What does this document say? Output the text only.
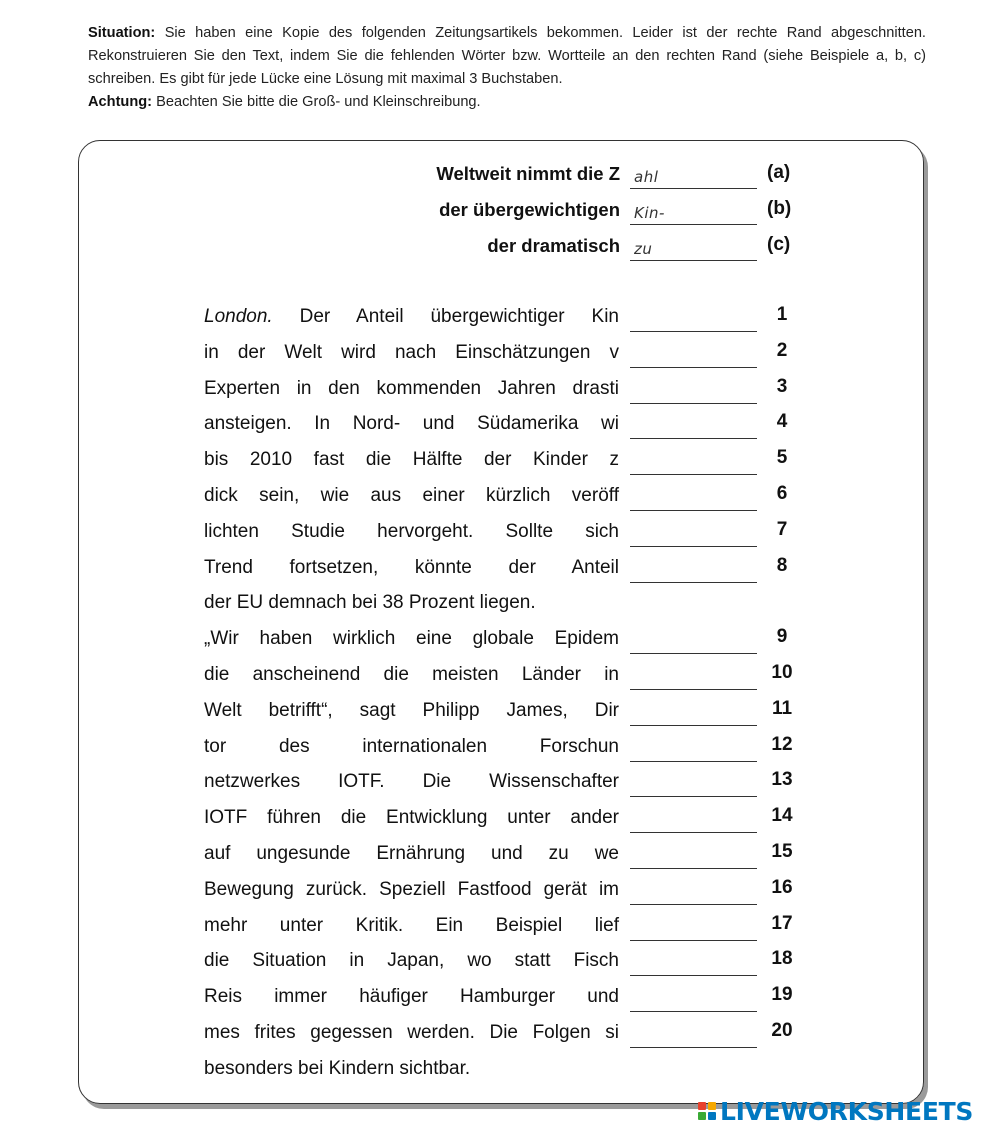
Situation: Sie haben eine Kopie des folgenden Zeitungsartikels bekommen. Leider ist der rechte Rand abgeschnitten. Rekonstruieren Sie den Text, indem Sie die fehlenden Wörter bzw. Wortteile an den rechten Rand (siehe Beispiele a, b, c) schreiben. Es gibt für jede Lücke eine Lösung mit maximal 3 Buchstaben.
Achtung: Beachten Sie bitte die Groß- und Kleinschreibung.
Weltweit nimmt die Z ahl	(a)
der übergewichtigen Kin-	(b)
der dramatisch zu	(c)
London. Der Anteil übergewichtiger Kin	1
in der Welt wird nach Einschätzungen v	2
Experten in den kommenden Jahren drasti	3
ansteigen. In Nord- und Südamerika wi	4
bis 2010 fast die Hälfte der Kinder z	5
dick sein, wie aus einer kürzlich veröff	6
lichten Studie hervorgeht. Sollte sich	7
Trend fortsetzen, könnte der Anteil	8
der EU demnach bei 38 Prozent liegen.
„Wir haben wirklich eine globale Epidem	9
die anscheinend die meisten Länder in	10
Welt betrifft“, sagt Philipp James, Dir	11
tor des internationalen Forschun	12
netzwerkes IOTF. Die Wissenschafter	13
IOTF führen die Entwicklung unter ander	14
auf ungesunde Ernährung und zu we	15
Bewegung zurück. Speziell Fastfood gerät im	16
mehr unter Kritik. Ein Beispiel lief	17
die Situation in Japan, wo statt Fisch	18
Reis immer häufiger Hamburger und	19
mes frites gegessen werden. Die Folgen si	20
besonders bei Kindern sichtbar.
LIVEWORKSHEETS
